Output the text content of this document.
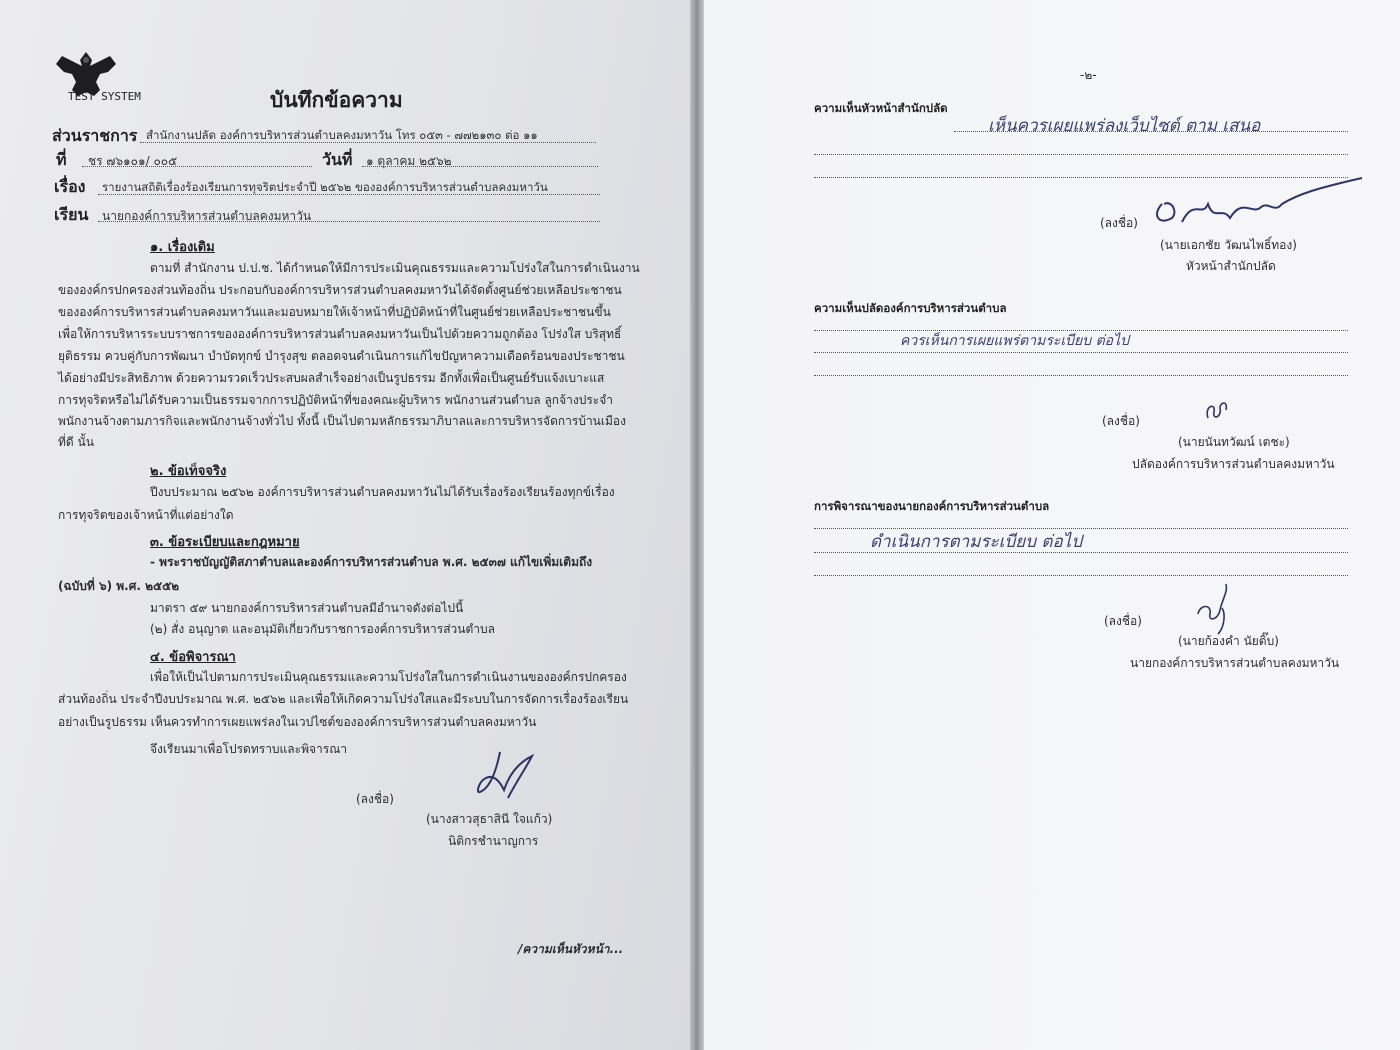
TEST SYSTEM	บันทึกข้อความ
ส่วนราชการ สำนักงานปลัด องค์การบริหารส่วนตำบลคงมหาวัน โทร ๐๕๓ - ๗๗๒๑๓๐ ต่อ ๑๑
ที่ ชร ๗๖๑๐๑/ ๐๐๕	วันที่ ๑ ตุลาคม ๒๕๖๒
เรื่อง รายงานสถิติเรื่องร้องเรียนการทุจริตประจำปี ๒๕๖๒ ขององค์การบริหารส่วนตำบลคงมหาวัน
เรียน นายกองค์การบริหารส่วนตำบลคงมหาวัน
๑. เรื่องเดิม
ตามที่ สำนักงาน ป.ป.ช. ได้กำหนดให้มีการประเมินคุณธรรมและความโปร่งใสในการดำเนินงาน
ขององค์กรปกครองส่วนท้องถิ่น ประกอบกับองค์การบริหารส่วนตำบลคงมหาวันได้จัดตั้งศูนย์ช่วยเหลือประชาชน
ขององค์การบริหารส่วนตำบลคงมหาวันและมอบหมายให้เจ้าหน้าที่ปฏิบัติหน้าที่ในศูนย์ช่วยเหลือประชาชนขึ้น
เพื่อให้การบริหารระบบราชการขององค์การบริหารส่วนตำบลคงมหาวันเป็นไปด้วยความถูกต้อง โปร่งใส บริสุทธิ์
ยุติธรรม ควบคู่กับการพัฒนา บำบัดทุกข์ บำรุงสุข ตลอดจนดำเนินการแก้ไขปัญหาความเดือดร้อนของประชาชน
ได้อย่างมีประสิทธิภาพ ด้วยความรวดเร็วประสบผลสำเร็จอย่างเป็นรูปธรรม อีกทั้งเพื่อเป็นศูนย์รับแจ้งเบาะแส
การทุจริตหรือไม่ได้รับความเป็นธรรมจากการปฏิบัติหน้าที่ของคณะผู้บริหาร พนักงานส่วนตำบล ลูกจ้างประจำ
พนักงานจ้างตามภารกิจและพนักงานจ้างทั่วไป ทั้งนี้ เป็นไปตามหลักธรรมาภิบาลและการบริหารจัดการบ้านเมือง
ที่ดี นั้น
๒. ข้อเท็จจริง
ปีงบประมาณ ๒๕๖๒ องค์การบริหารส่วนตำบลคงมหาวันไม่ได้รับเรื่องร้องเรียนร้องทุกข์เรื่อง
การทุจริตของเจ้าหน้าที่แต่อย่างใด
๓. ข้อระเบียบและกฎหมาย
- พระราชบัญญัติสภาตำบลและองค์การบริหารส่วนตำบล พ.ศ. ๒๕๓๗ แก้ไขเพิ่มเติมถึง
(ฉบับที่ ๖) พ.ศ. ๒๕๕๒
มาตรา ๕๙ นายกองค์การบริหารส่วนตำบลมีอำนาจดังต่อไปนี้
(๒) สั่ง อนุญาต และอนุมัติเกี่ยวกับราชการองค์การบริหารส่วนตำบล
๔. ข้อพิจารณา
เพื่อให้เป็นไปตามการประเมินคุณธรรมและความโปร่งใสในการดำเนินงานขององค์กรปกครอง
ส่วนท้องถิ่น ประจำปีงบประมาณ พ.ศ. ๒๕๖๒ และเพื่อให้เกิดความโปร่งใสและมีระบบในการจัดการเรื่องร้องเรียน
อย่างเป็นรูปธรรม เห็นควรทำการเผยแพร่ลงในเวปไซต์ขององค์การบริหารส่วนตำบลคงมหาวัน
จึงเรียนมาเพื่อโปรดทราบและพิจารณา
(ลงชื่อ)
(นางสาวสุธาสินี ใจแก้ว)
นิติกรชำนาญการ
/ความเห็นหัวหน้า...
-๒-
ความเห็นหัวหน้าสำนักปลัด
เห็นควรเผยแพร่ลงเว็บไซต์ ตาม เสนอ
(ลงชื่อ)
(นายเอกชัย วัฒนไพธิ์ทอง)
หัวหน้าสำนักปลัด
ความเห็นปลัดองค์การบริหารส่วนตำบล
ควรเห็นการเผยแพร่ตามระเบียบ ต่อไป
(ลงชื่อ)
(นายนันทวัฒน์ เตชะ)
ปลัดองค์การบริหารส่วนตำบลคงมหาวัน
การพิจารณาของนายกองค์การบริหารส่วนตำบล
ดำเนินการตามระเบียบ ต่อไป
(ลงชื่อ)
(นายก้องคำ นัยติ๊บ)
นายกองค์การบริหารส่วนตำบลคงมหาวัน
